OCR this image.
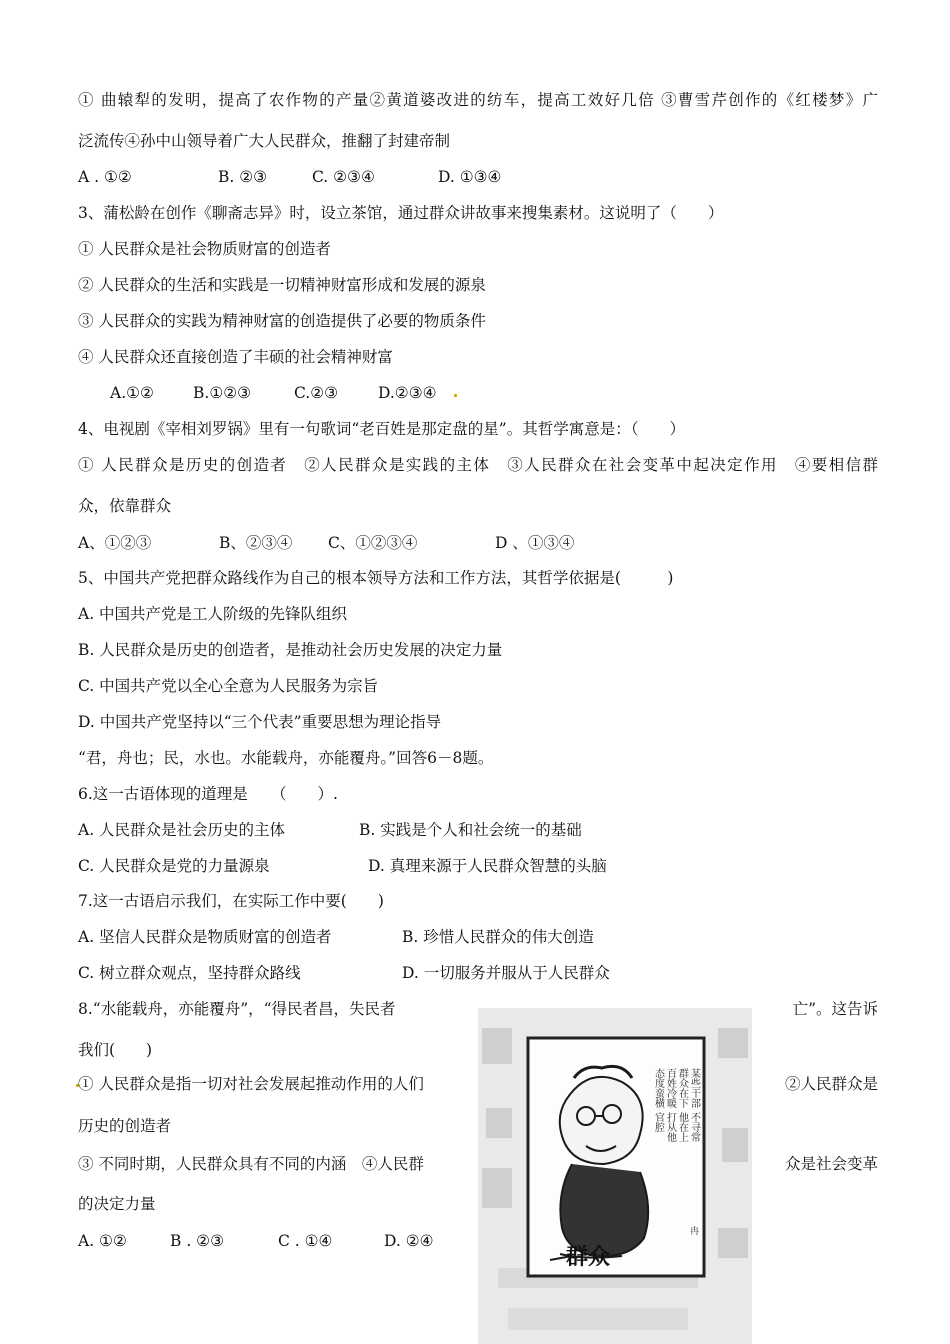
① 曲辕犁的发明，提高了农作物的产量②黄道婆改进的纺车，提高工效好几倍 ③曹雪芹创作的《红楼梦》广
泛流传④孙中山领导着广大人民群众，推翻了封建帝制
A . ①②	B. ②③	C. ②③④	D. ①③④
3、蒲松龄在创作《聊斋志异》时，设立茶馆，通过群众讲故事来搜集素材。这说明了（　　）
① 人民群众是社会物质财富的创造者
② 人民群众的生活和实践是一切精神财富形成和发展的源泉
③ 人民群众的实践为精神财富的创造提供了必要的物质条件
④ 人民群众还直接创造了丰硕的社会精神财富
A.①②	B.①②③	C.②③	D.②③④
4、电视剧《宰相刘罗锅》里有一句歌词“老百姓是那定盘的星”。其哲学寓意是：（　　）
① 人民群众是历史的创造者　②人民群众是实践的主体　③人民群众在社会变革中起决定作用　④要相信群
众，依靠群众
A、①②③	B、②③④ C、①②③④	D 、①③④
5、中国共产党把群众路线作为自己的根本领导方法和工作方法，其哲学依据是(　　　)
A. 中国共产党是工人阶级的先锋队组织
B. 人民群众是历史的创造者，是推动社会历史发展的决定力量
C. 中国共产党以全心全意为人民服务为宗旨
D. 中国共产党坚持以“三个代表”重要思想为理论指导
“君，舟也；民，水也。水能载舟，亦能覆舟。”回答6－8题。
6.这一古语体现的道理是　　（　　）.
A. 人民群众是社会历史的主体	B. 实践是个人和社会统一的基础
C. 人民群众是党的力量源泉	D. 真理来源于人民群众智慧的头脑
7.这一古语启示我们，在实际工作中要(　　)
A. 坚信人民群众是物质财富的创造者	B. 珍惜人民群众的伟大创造
C. 树立群众观点，坚持群众路线	D. 一切服务并服从于人民群众
8.“水能载舟，亦能覆舟”，“得民者昌，失民者	亡”。这告诉
我们(　　)
① 人民群众是指一切对社会发展起推动作用的人们	②人民群众是
历史的创造者
③ 不同时期，人民群众具有不同的内涵　④人民群	众是社会变革
的决定力量
A. ①②	B . ②③	C . ①④	D. ②④
某些干部
群众在下
百姓冷暖
态度蛮横
不寻常
他在上
打从他
官腔
冉
群众
